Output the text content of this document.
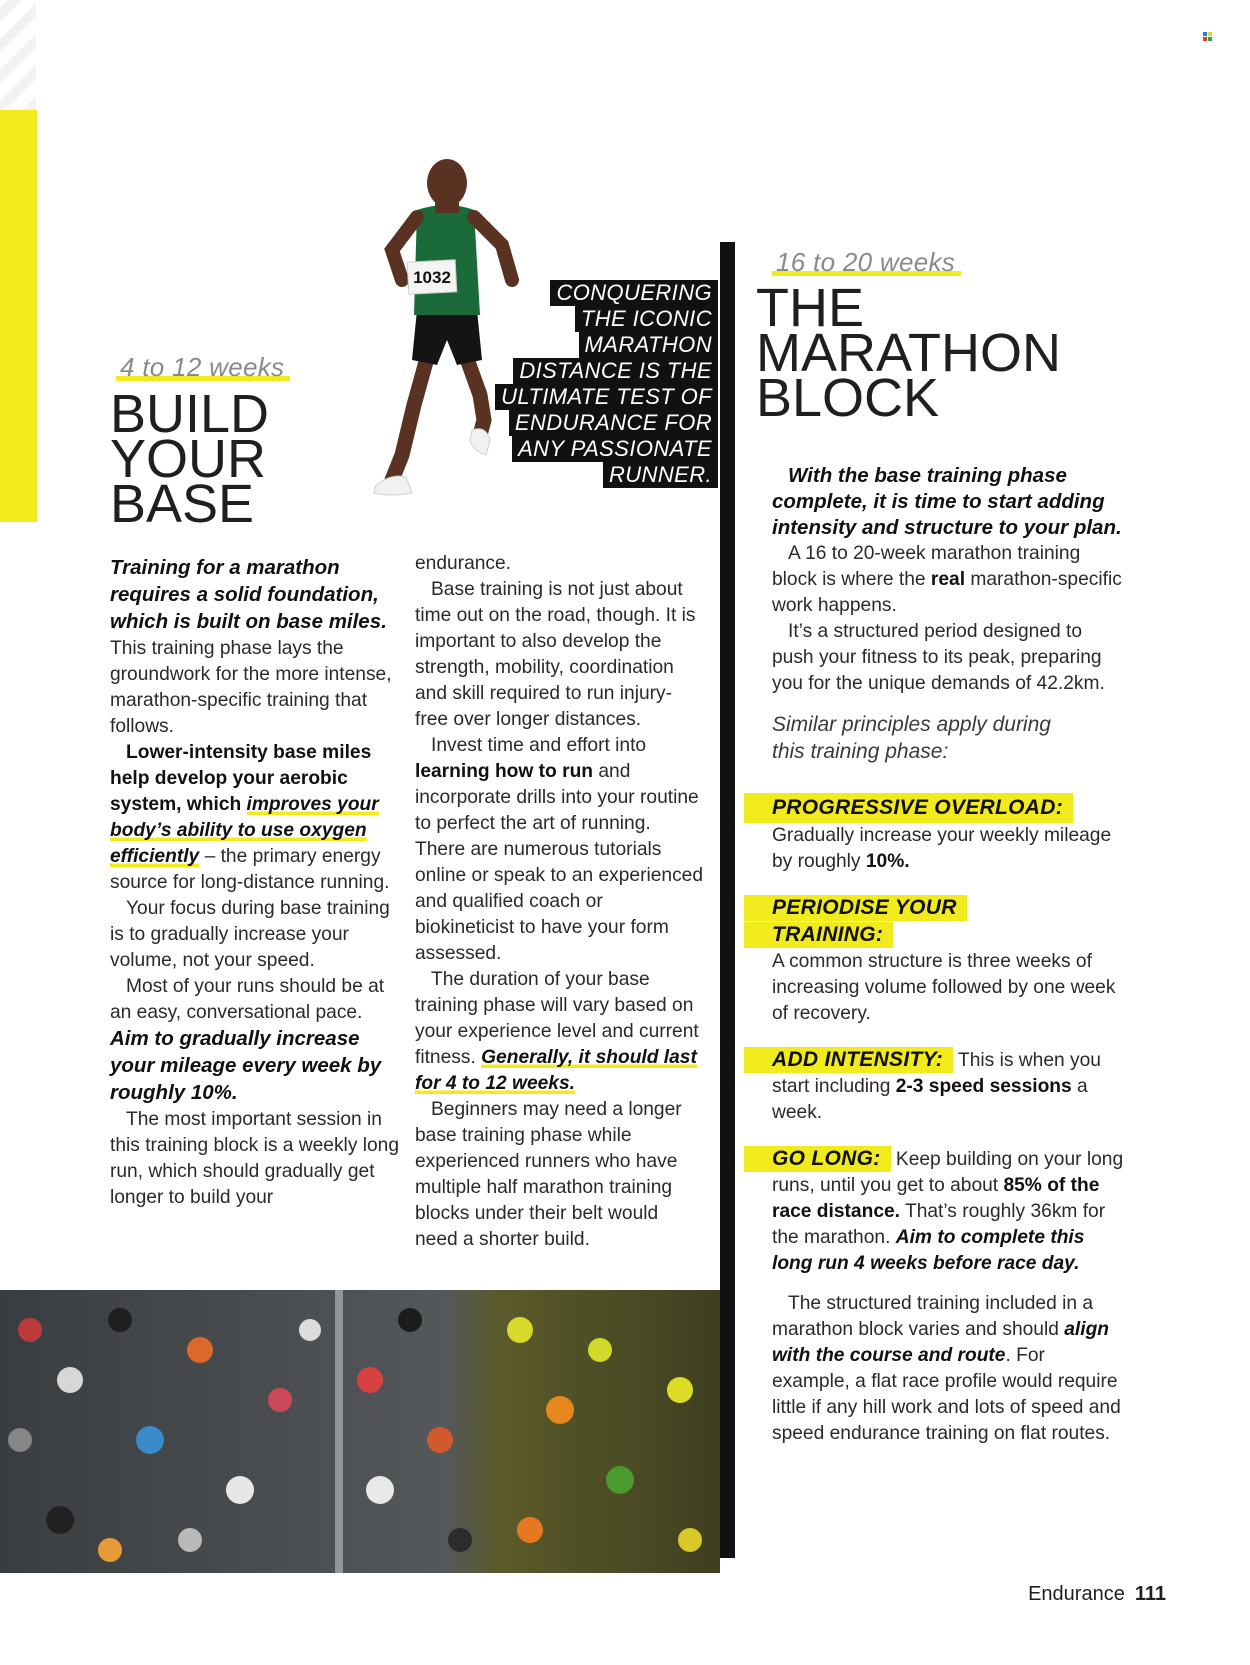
4 to 12 weeks
BUILD
YOUR
BASE
1032
CONQUERING
THE ICONIC
MARATHON
DISTANCE IS THE
ULTIMATE TEST OF
ENDURANCE FOR
ANY PASSIONATE
RUNNER.

Training for a marathon requires a solid foundation, which is built on base miles. This training phase lays the groundwork for the more intense, marathon-specific training that follows.

Lower-intensity base miles help develop your aerobic system, which improves your body’s ability to use oxygen efficiently – the primary energy source for long-distance running.

Your focus during base training is to gradually increase your volume, not your speed.

Most of your runs should be at an easy, conversational pace. Aim to gradually increase your mileage every week by roughly 10%.

The most important session in this training block is a weekly long run, which should gradually get longer to build your

endurance.

Base training is not just about time out on the road, though. It is important to also develop the strength, mobility, coordination and skill required to run injury-free over longer distances.

Invest time and effort into learning how to run and incorporate drills into your routine to perfect the art of running. There are numerous tutorials online or speak to an experienced and qualified coach or biokineticist to have your form assessed.

The duration of your base training phase will vary based on your experience level and current fitness. Generally, it should last for 4 to 12 weeks.

Beginners may need a longer base training phase while experienced runners who have multiple half marathon training blocks under their belt would need a shorter build.

16 to 20 weeks
THE
MARATHON
BLOCK

With the base training phase complete, it is time to start adding intensity and structure to your plan.

A 16 to 20-week marathon training block is where the real marathon-specific work happens.

It’s a structured period designed to push your fitness to its peak, preparing you for the unique demands of 42.2km.

Similar principles apply during this training phase:

PROGRESSIVE OVERLOAD:

Gradually increase your weekly mileage by roughly 10%.

PERIODISE YOUR
TRAINING:

A common structure is three weeks of increasing volume followed by one week of recovery.

ADD INTENSITY: This is when you start including 2-3 speed sessions a week.

GO LONG: Keep building on your long runs, until you get to about 85% of the race distance. That’s roughly 36km for the marathon. Aim to complete this long run 4 weeks before race day.

The structured training included in a marathon block varies and should align with the course and route. For example, a flat race profile would require little if any hill work and lots of speed and speed endurance training on flat routes.

Endurance 111
